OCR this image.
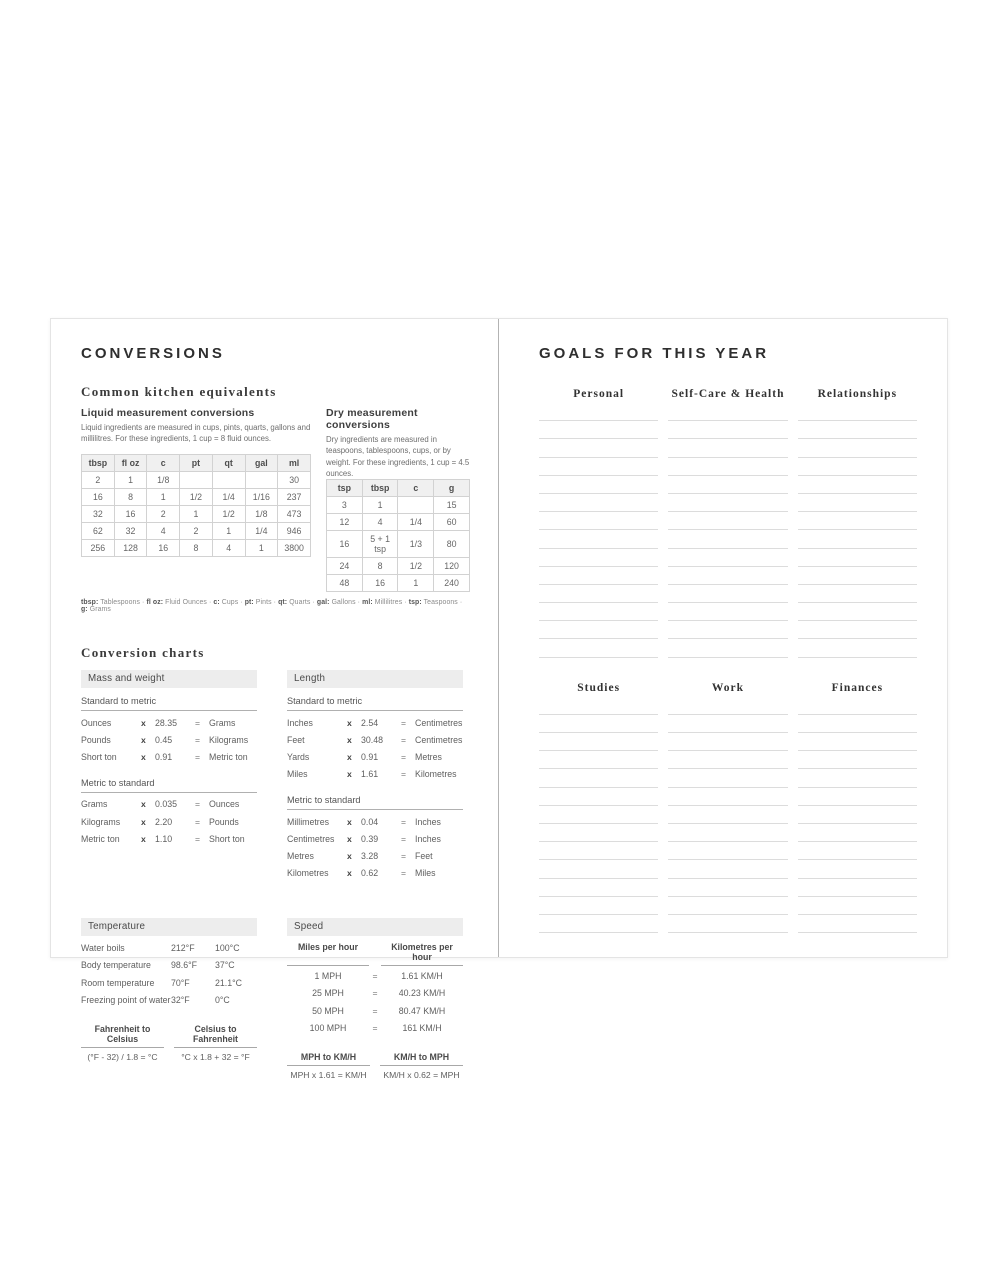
CONVERSIONS
Common kitchen equivalents
Liquid measurement conversions
Liquid ingredients are measured in cups, pints, quarts, gallons and millilitres. For these ingredients, 1 cup = 8 fluid ounces.
tbsp	fl oz	c	pt	qt	gal	ml
2	1	1/8				30
16	8	1	1/2	1/4	1/16	237
32	16	2	1	1/2	1/8	473
62	32	4	2	1	1/4	946
256	128	16	8	4	1	3800
Dry measurement conversions
Dry ingredients are measured in teaspoons, tablespoons, cups, or by weight. For these ingredients, 1 cup = 4.5 ounces.
tsp	tbsp	c	g
3	1		15
12	4	1/4	60
16	5 + 1 tsp	1/3	80
24	8	1/2	120
48	16	1	240
tbsp: Tablespoons · fl oz: Fluid Ounces · c: Cups · pt: Pints · qt: Quarts · gal: Gallons · ml: Millilitres · tsp: Teaspoons · g: Grams
Conversion charts
Mass and weight
Standard to metric
Ounces	x	28.35	=	Grams
Pounds	x	0.45	=	Kilograms
Short ton	x	0.91	=	Metric ton
Metric to standard
Grams	x	0.035	=	Ounces
Kilograms	x	2.20	=	Pounds
Metric ton	x	1.10	=	Short ton
Length
Standard to metric
Inches	x	2.54	=	Centimetres
Feet	x	30.48	=	Centimetres
Yards	x	0.91	=	Metres
Miles	x	1.61	=	Kilometres
Metric to standard
Millimetres	x	0.04	=	Inches
Centimetres	x	0.39	=	Inches
Metres	x	3.28	=	Feet
Kilometres	x	0.62	=	Miles
Temperature
Water boils	212°F	100°C
Body temperature	98.6°F	37°C
Room temperature	70°F	21.1°C
Freezing point of water 32°F	0°C
Fahrenheit to Celsius
(°F - 32) / 1.8 = °C
Celsius to Fahrenheit
°C x 1.8 + 32 = °F
Speed
Miles per hour	Kilometres per hour
1 MPH	=	1.61 KM/H
25 MPH	=	40.23 KM/H
50 MPH	=	80.47 KM/H
100 MPH	=	161 KM/H
MPH to KM/H
MPH x 1.61 = KM/H
KM/H to MPH
KM/H x 0.62 = MPH
GOALS FOR THIS YEAR
Personal	Self-Care & Health	Relationships
Studies	Work	Finances
